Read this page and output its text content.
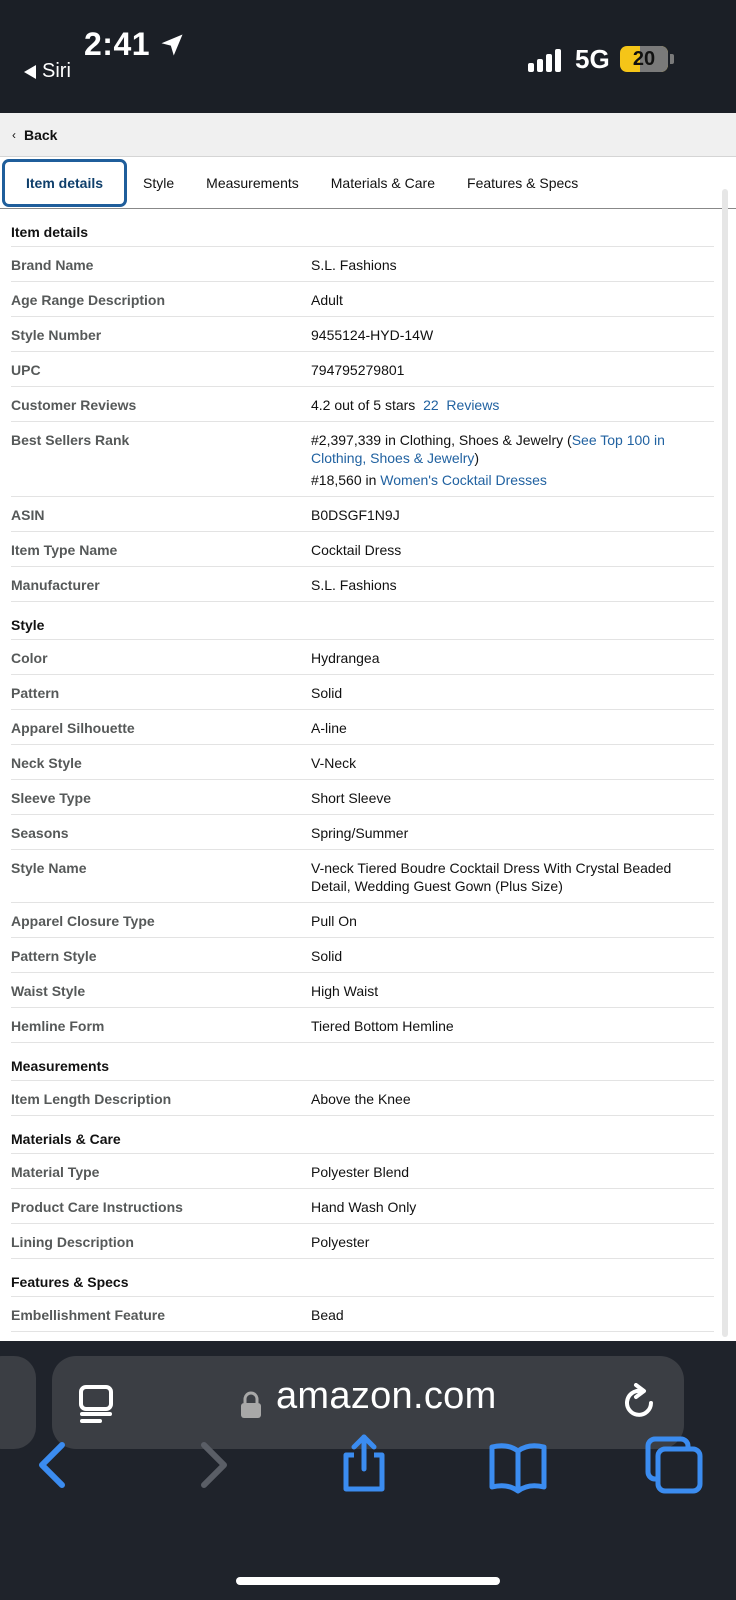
2:41
Siri	5G	20
‹ Back
Item details	Style	Measurements	Materials & Care	Features & Specs
Item details
Brand Name	S.L. Fashions
Age Range Description	Adult
Style Number	9455124-HYD-14W
UPC	794795279801
Customer Reviews	4.2 out of 5 stars 22  Reviews
Best Sellers Rank	#2,397,339 in Clothing, Shoes & Jewelry (See Top 100 in Clothing, Shoes & Jewelry)
#18,560 in Women's Cocktail Dresses
ASIN	B0DSGF1N9J
Item Type Name	Cocktail Dress
Manufacturer	S.L. Fashions
Style
Color	Hydrangea
Pattern	Solid
Apparel Silhouette	A-line
Neck Style	V-Neck
Sleeve Type	Short Sleeve
Seasons	Spring/Summer
Style Name	V-neck Tiered Boudre Cocktail Dress With Crystal Beaded Detail, Wedding Guest Gown (Plus Size)
Apparel Closure Type	Pull On
Pattern Style	Solid
Waist Style	High Waist
Hemline Form	Tiered Bottom Hemline
Measurements
Item Length Description	Above the Knee
Materials & Care
Material Type	Polyester Blend
Product Care Instructions	Hand Wash Only
Lining Description	Polyester
Features & Specs
Embellishment Feature	Bead
amazon.com
